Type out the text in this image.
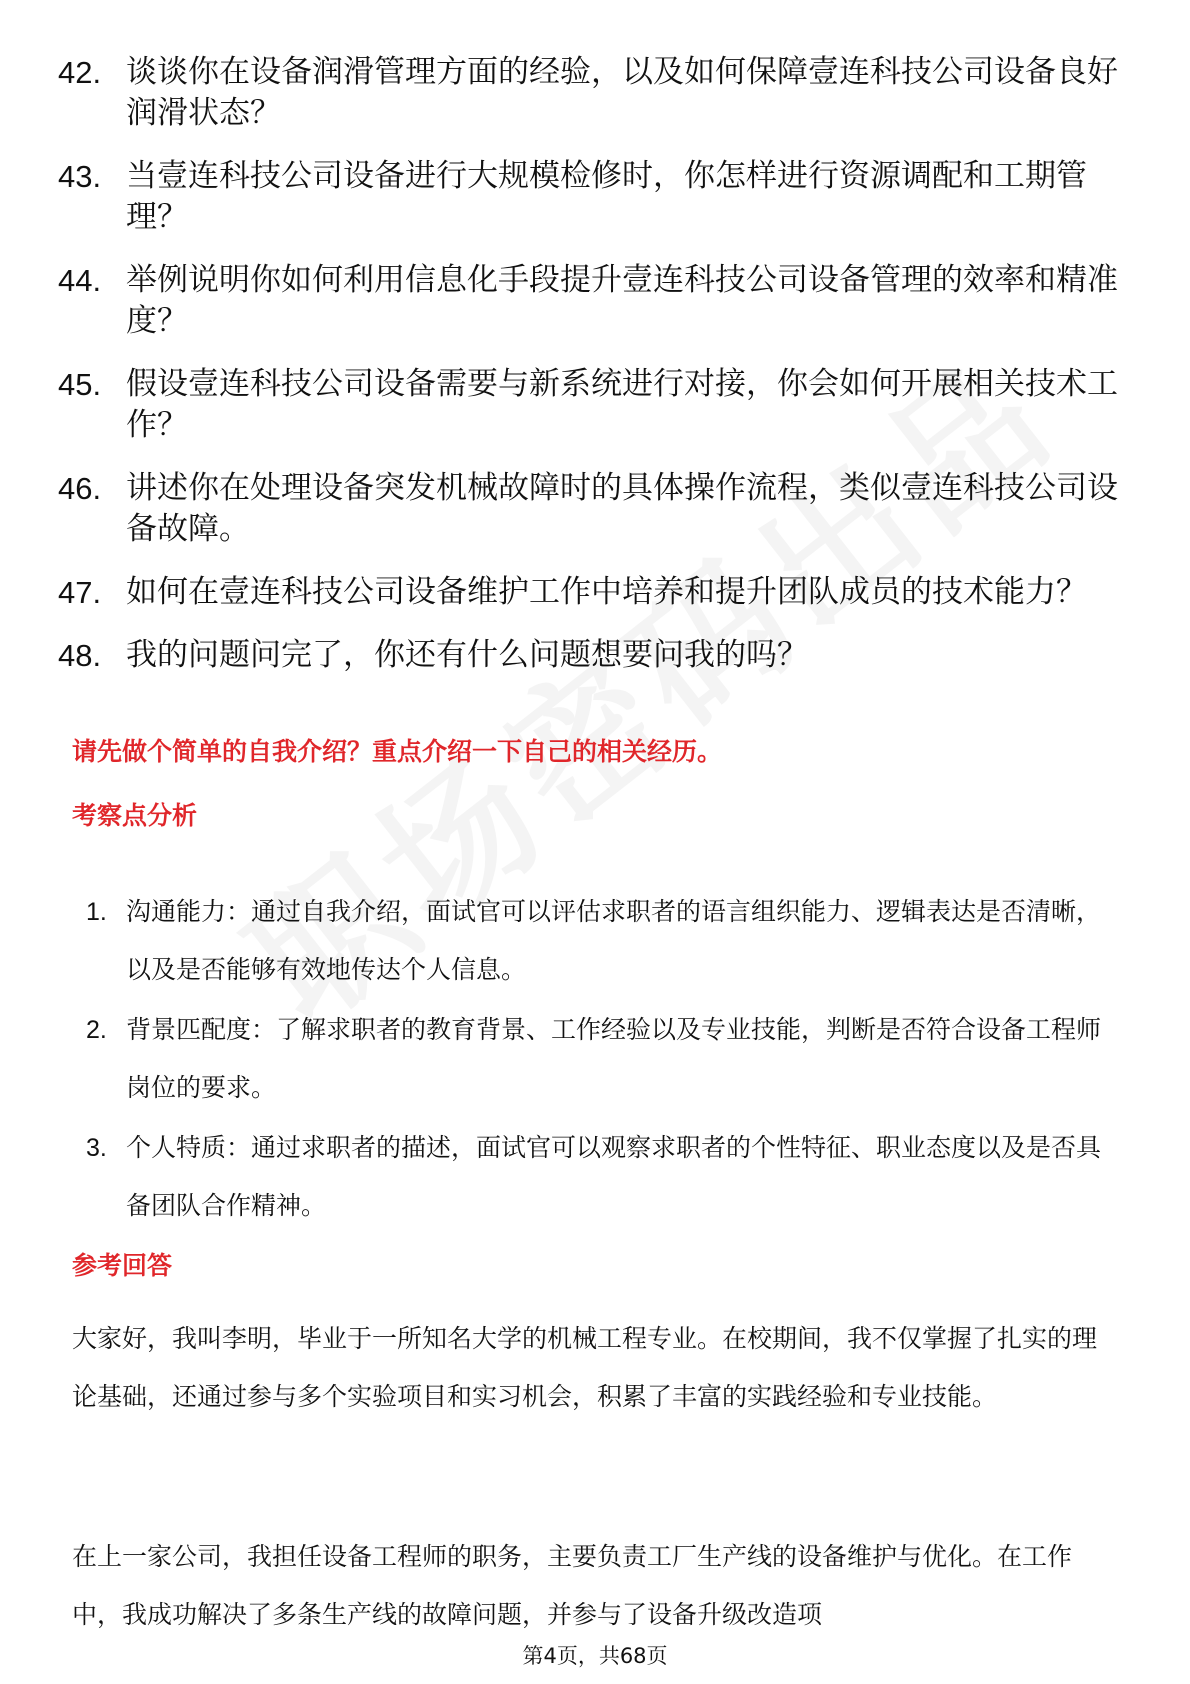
42. 谈谈你在设备润滑管理方面的经验，以及如何保障壹连科技公司设备良好润滑状态？
43. 当壹连科技公司设备进行大规模检修时，你怎样进行资源调配和工期管理？
44. 举例说明你如何利用信息化手段提升壹连科技公司设备管理的效率和精准度？
45. 假设壹连科技公司设备需要与新系统进行对接，你会如何开展相关技术工作？
46. 讲述你在处理设备突发机械故障时的具体操作流程，类似壹连科技公司设备故障。
47. 如何在壹连科技公司设备维护工作中培养和提升团队成员的技术能力？
48. 我的问题问完了，你还有什么问题想要问我的吗？
请先做个简单的自我介绍？重点介绍一下自己的相关经历。
考察点分析
1. 沟通能力：通过自我介绍，面试官可以评估求职者的语言组织能力、逻辑表达是否清晰，以及是否能够有效地传达个人信息。
2. 背景匹配度：了解求职者的教育背景、工作经验以及专业技能，判断是否符合设备工程师岗位的要求。
3. 个人特质：通过求职者的描述，面试官可以观察求职者的个性特征、职业态度以及是否具备团队合作精神。
参考回答

大家好，我叫李明，毕业于一所知名大学的机械工程专业。在校期间，我不仅掌握了扎实的理论基础，还通过参与多个实验项目和实习机会，积累了丰富的实践经验和专业技能。

在上一家公司，我担任设备工程师的职务，主要负责工厂生产线的设备维护与优化。在工作中，我成功解决了多条生产线的故障问题，并参与了设备升级改造项

第4页，共68页
